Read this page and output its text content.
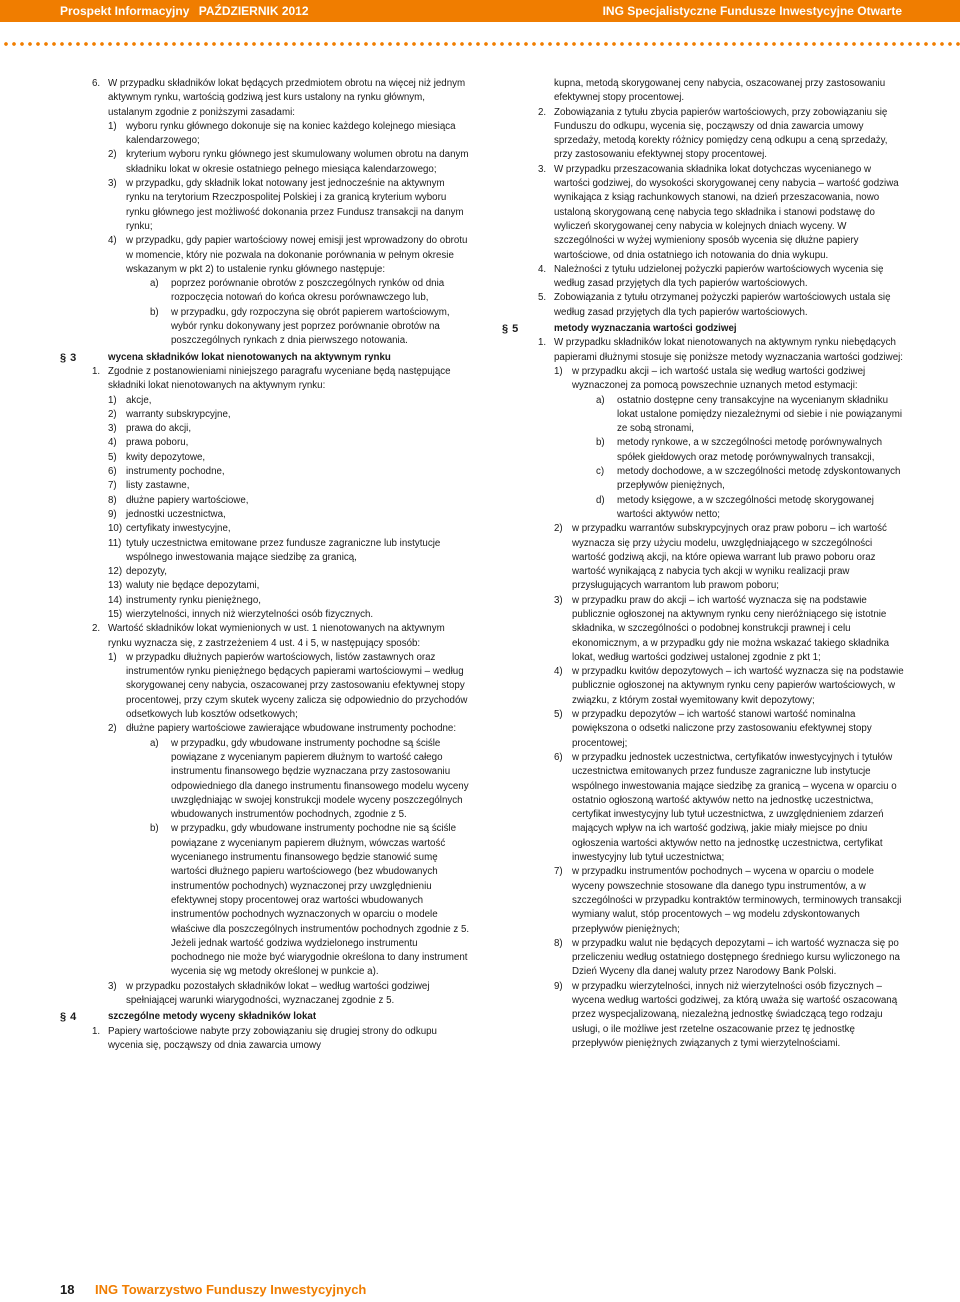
Prospekt Informacyjny PAŹDZIERNIK 2012	ING Specjalistyczne Fundusze Inwestycyjne Otwarte
6. W przypadku składników lokat będących przedmiotem obrotu na więcej niż jednym aktywnym rynku, wartością godziwą jest kurs ustalony na rynku głównym, ustalanym zgodnie z poniższymi zasadami:
1) wyboru rynku głównego dokonuje się na koniec każdego kolejnego miesiąca kalendarzowego;
2) kryterium wyboru rynku głównego jest skumulowany wolumen obrotu na danym składniku lokat w okresie ostatniego pełnego miesiąca kalendarzowego;
3) w przypadku, gdy składnik lokat notowany jest jednocześnie na aktywnym rynku na terytorium Rzeczpospolitej Polskiej i za granicą kryterium wyboru rynku głównego jest możliwość dokonania przez Fundusz transakcji na danym rynku;
4) w przypadku, gdy papier wartościowy nowej emisji jest wprowadzony do obrotu w momencie, który nie pozwala na dokonanie porównania w pełnym okresie wskazanym w pkt 2) to ustalenie rynku głównego następuje:
a) poprzez porównanie obrotów z poszczególnych rynków od dnia rozpoczęcia notowań do końca okresu porównawczego lub,
b) w przypadku, gdy rozpoczyna się obrót papierem wartościowym, wybór rynku dokonywany jest poprzez porównanie obrotów na poszczególnych rynkach z dnia pierwszego notowania.
§ 3	wycena składników lokat nienotowanych na aktywnym rynku
1. Zgodnie z postanowieniami niniejszego paragrafu wyceniane będą następujące składniki lokat nienotowanych na aktywnym rynku:
1) akcje,
2) warranty subskrypcyjne,
3) prawa do akcji,
4) prawa poboru,
5) kwity depozytowe,
6) instrumenty pochodne,
7) listy zastawne,
8) dłużne papiery wartościowe,
9) jednostki uczestnictwa,
10) certyfikaty inwestycyjne,
11) tytuły uczestnictwa emitowane przez fundusze zagraniczne lub instytucje wspólnego inwestowania mające siedzibę za granicą,
12) depozyty,
13) waluty nie będące depozytami,
14) instrumenty rynku pieniężnego,
15) wierzytelności, innych niż wierzytelności osób fizycznych.
2. Wartość składników lokat wymienionych w ust. 1 nienotowanych na aktywnym rynku wyznacza się, z zastrzeżeniem 4 ust. 4 i 5, w następujący sposób:
1) w przypadku dłużnych papierów wartościowych, listów zastawnych oraz instrumentów rynku pieniężnego będących papierami wartościowymi – według skorygowanej ceny nabycia, oszacowanej przy zastosowaniu efektywnej stopy procentowej, przy czym skutek wyceny zalicza się odpowiednio do przychodów odsetkowych lub kosztów odsetkowych;
2) dłużne papiery wartościowe zawierające wbudowane instrumenty pochodne:
a) w przypadku, gdy wbudowane instrumenty pochodne są ściśle powiązane z wycenianym papierem dłużnym to wartość całego instrumentu finansowego będzie wyznaczana przy zastosowaniu odpowiedniego dla danego instrumentu finansowego modelu wyceny uwzględniając w swojej konstrukcji modele wyceny poszczególnych wbudowanych instrumentów pochodnych, zgodnie z 5.
b) w przypadku, gdy wbudowane instrumenty pochodne nie są ściśle powiązane z wycenianym papierem dłużnym, wówczas wartość wycenianego instrumentu finansowego będzie stanowić sumę wartości dłużnego papieru wartościowego (bez wbudowanych instrumentów pochodnych) wyznaczonej przy uwzględnieniu efektywnej stopy procentowej oraz wartości wbudowanych instrumentów pochodnych wyznaczonych w oparciu o modele właściwe dla poszczególnych instrumentów pochodnych zgodnie z 5. Jeżeli jednak wartość godziwa wydzielonego instrumentu pochodnego nie może być wiarygodnie określona to dany instrument wycenia się wg metody określonej w punkcie a).
3) w przypadku pozostałych składników lokat – według wartości godziwej spełniającej warunki wiarygodności, wyznaczanej zgodnie z 5.
§ 4	szczególne metody wyceny składników lokat
1. Papiery wartościowe nabyte przy zobowiązaniu się drugiej strony do odkupu wycenia się, począwszy od dnia zawarcia umowy
kupna, metodą skorygowanej ceny nabycia, oszacowanej przy zastosowaniu efektywnej stopy procentowej.
2. Zobowiązania z tytułu zbycia papierów wartościowych, przy zobowiązaniu się Funduszu do odkupu, wycenia się, począwszy od dnia zawarcia umowy sprzedaży, metodą korekty różnicy pomiędzy ceną odkupu a ceną sprzedaży, przy zastosowaniu efektywnej stopy procentowej.
3. W przypadku przeszacowania składnika lokat dotychczas wycenianego w wartości godziwej, do wysokości skorygowanej ceny nabycia – wartość godziwa wynikająca z ksiąg rachunkowych stanowi, na dzień przeszacowania, nowo ustaloną skorygowaną cenę nabycia tego składnika i stanowi podstawę do wyliczeń skorygowanej ceny nabycia w kolejnych dniach wyceny. W szczególności w wyżej wymieniony sposób wycenia się dłużne papiery wartościowe, od dnia ostatniego ich notowania do dnia wykupu.
4. Należności z tytułu udzielonej pożyczki papierów wartościowych wycenia się według zasad przyjętych dla tych papierów wartościowych.
5. Zobowiązania z tytułu otrzymanej pożyczki papierów wartościowych ustala się według zasad przyjętych dla tych papierów wartościowych.
§ 5	metody wyznaczania wartości godziwej
1. W przypadku składników lokat nienotowanych na aktywnym rynku niebędących papierami dłużnymi stosuje się poniższe metody wyznaczania wartości godziwej:
1) w przypadku akcji – ich wartość ustala się według wartości godziwej wyznaczonej za pomocą powszechnie uznanych metod estymacji:
a) ostatnio dostępne ceny transakcyjne na wycenianym składniku lokat ustalone pomiędzy niezależnymi od siebie i nie powiązanymi ze sobą stronami,
b) metody rynkowe, a w szczególności metodę porównywalnych spółek giełdowych oraz metodę porównywalnych transakcji,
c) metody dochodowe, a w szczególności metodę zdyskontowanych przepływów pieniężnych,
d) metody księgowe, a w szczególności metodę skorygowanej wartości aktywów netto;
2) w przypadku warrantów subskrypcyjnych oraz praw poboru – ich wartość wyznacza się przy użyciu modelu, uwzględniającego w szczególności wartość godziwą akcji, na które opiewa warrant lub prawo poboru oraz wartość wynikającą z nabycia tych akcji w wyniku realizacji praw przysługujących warrantom lub prawom poboru;
3) w przypadku praw do akcji – ich wartość wyznacza się na podstawie publicznie ogłoszonej na aktywnym rynku ceny nieróżniącego się istotnie składnika, w szczególności o podobnej konstrukcji prawnej i celu ekonomicznym, a w przypadku gdy nie można wskazać takiego składnika lokat, według wartości godziwej ustalonej zgodnie z pkt 1;
4) w przypadku kwitów depozytowych – ich wartość wyznacza się na podstawie publicznie ogłoszonej na aktywnym rynku ceny papierów wartościowych, w związku, z którym został wyemitowany kwit depozytowy;
5) w przypadku depozytów – ich wartość stanowi wartość nominalna powiększona o odsetki naliczone przy zastosowaniu efektywnej stopy procentowej;
6) w przypadku jednostek uczestnictwa, certyfikatów inwestycyjnych i tytułów uczestnictwa emitowanych przez fundusze zagraniczne lub instytucje wspólnego inwestowania mające siedzibę za granicą – wycena w oparciu o ostatnio ogłoszoną wartość aktywów netto na jednostkę uczestnictwa, certyfikat inwestycyjny lub tytuł uczestnictwa, z uwzględnieniem zdarzeń mających wpływ na ich wartość godziwą, jakie miały miejsce po dniu ogłoszenia wartości aktywów netto na jednostkę uczestnictwa, certyfikat inwestycyjny lub tytuł uczestnictwa;
7) w przypadku instrumentów pochodnych – wycena w oparciu o modele wyceny powszechnie stosowane dla danego typu instrumentów, a w szczególności w przypadku kontraktów terminowych, terminowych transakcji wymiany walut, stóp procentowych – wg modelu zdyskontowanych przepływów pieniężnych;
8) w przypadku walut nie będących depozytami – ich wartość wyznacza się po przeliczeniu według ostatniego dostępnego średniego kursu wyliczonego na Dzień Wyceny dla danej waluty przez Narodowy Bank Polski.
9) w przypadku wierzytelności, innych niż wierzytelności osób fizycznych – wycena według wartości godziwej, za którą uważa się wartość oszacowaną przez wyspecjalizowaną, niezależną jednostkę świadczącą tego rodzaju usługi, o ile możliwe jest rzetelne oszacowanie przez tę jednostkę przepływów pieniężnych związanych z tymi wierzytelnościami.
18 ING Towarzystwo Funduszy Inwestycyjnych
